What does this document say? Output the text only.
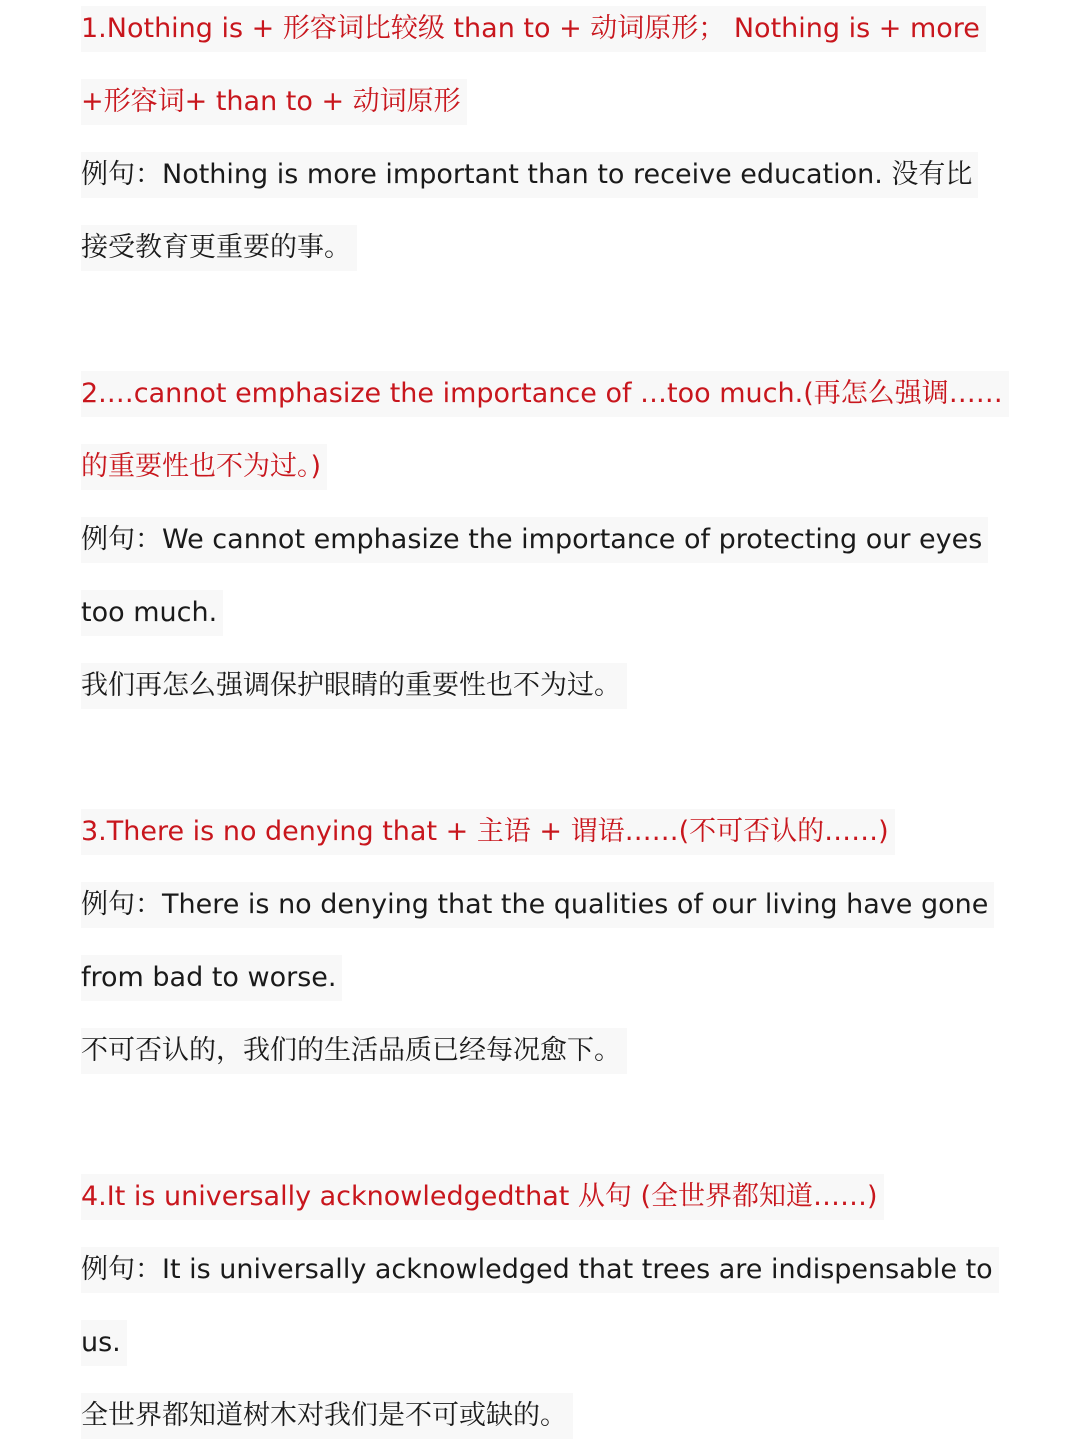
1.Nothing is + 形容词比较级 than to + 动词原形； Nothing is + more
+形容词+ than to + 动词原形
例句：Nothing is more important than to receive education. 没有比
接受教育更重要的事。
2.…cannot emphasize the importance of …too much.(再怎么强调……
的重要性也不为过。)
例句：We cannot emphasize the importance of protecting our eyes
too much.
我们再怎么强调保护眼睛的重要性也不为过。
3.There is no denying that + 主语 + 谓语……(不可否认的……)
例句：There is no denying that the qualities of our living have gone
from bad to worse.
不可否认的，我们的生活品质已经每况愈下。
4.It is universally acknowledgedthat 从句 (全世界都知道……)
例句：It is universally acknowledged that trees are indispensable to
us.
全世界都知道树木对我们是不可或缺的。
